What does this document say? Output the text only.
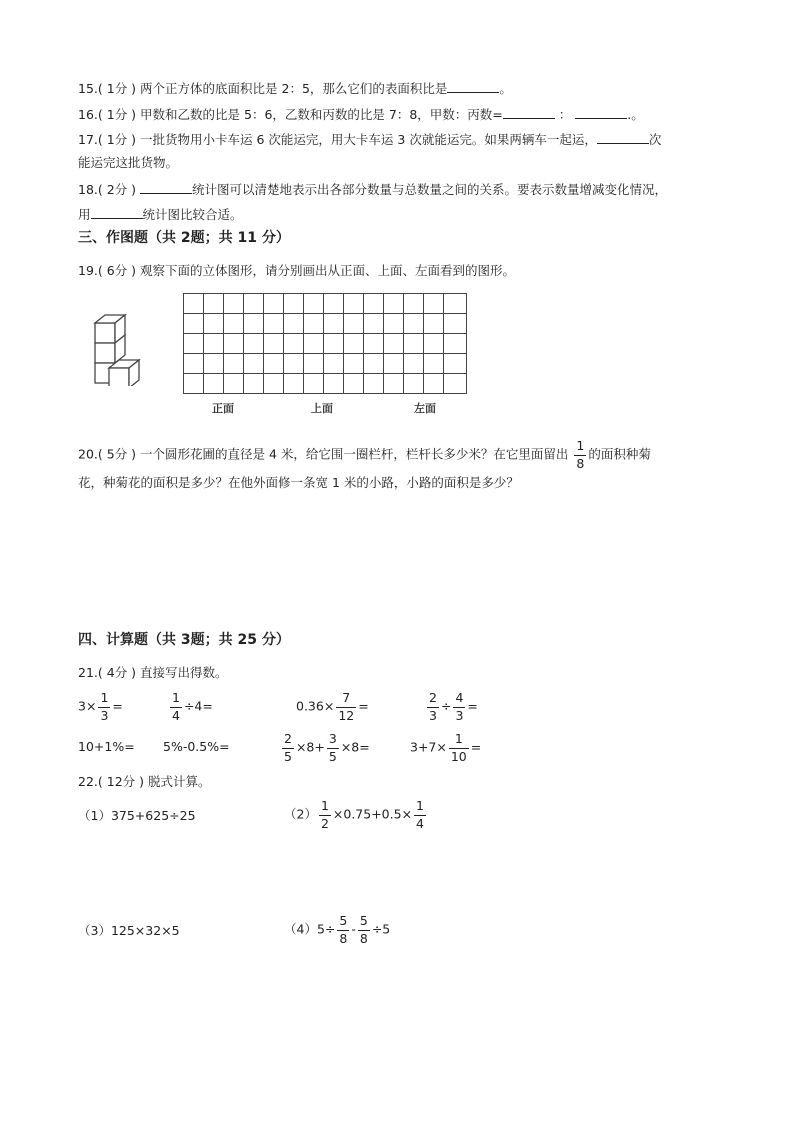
15.( 1分 ) 两个正方体的底面积比是 2：5，那么它们的表面积比是	。
16.( 1分 ) 甲数和乙数的比是 5：6，乙数和丙数的比是 7：8，甲数：丙数=	：	.。
17.( 1分 ) 一批货物用小卡车运 6 次能运完，用大卡车运 3 次就能运完。如果两辆车一起运，	次
能运完这批货物。
18.( 2分 )	统计图可以清楚地表示出各部分数量与总数量之间的关系。要表示数量增减变化情况，
用	统计图比较合适。
三、作图题（共 2题；共 11 分）
19.( 6分 ) 观察下面的立体图形，请分别画出从正面、上面、左面看到的图形。
正面	上面	左面
20.( 5分 ) 一个圆形花圃的直径是 4 米，给它围一圈栏杆，栏杆长多少米？在它里面留出 $\frac{1}{8}$ 的面积种菊
花，种菊花的面积是多少？在他外面修一条宽 1 米的小路，小路的面积是多少？
四、计算题（共 3题；共 25 分）
21.( 4分 ) 直接写出得数。
$3\times \frac{1}{3}$ =	$\frac{1}{4} \div 4=$	$0.36\times \frac{7}{12}$ =	$\frac{2}{3} \div \frac{4}{3}$ =
10+1%= 5%-0.5%=	$\frac{2}{5} \times 8+ \frac{3}{5} \times 8=$	$3+7\times \frac{1}{10}$ =
22.( 12分 ) 脱式计算。
（1）375+625÷25	$(2) \frac{1}{2} \times 0.75+0.5\times \frac{1}{4}$
（3）125×32×5	$(4)5\div \frac{5}{8} - \frac{5}{8} \div 5$
